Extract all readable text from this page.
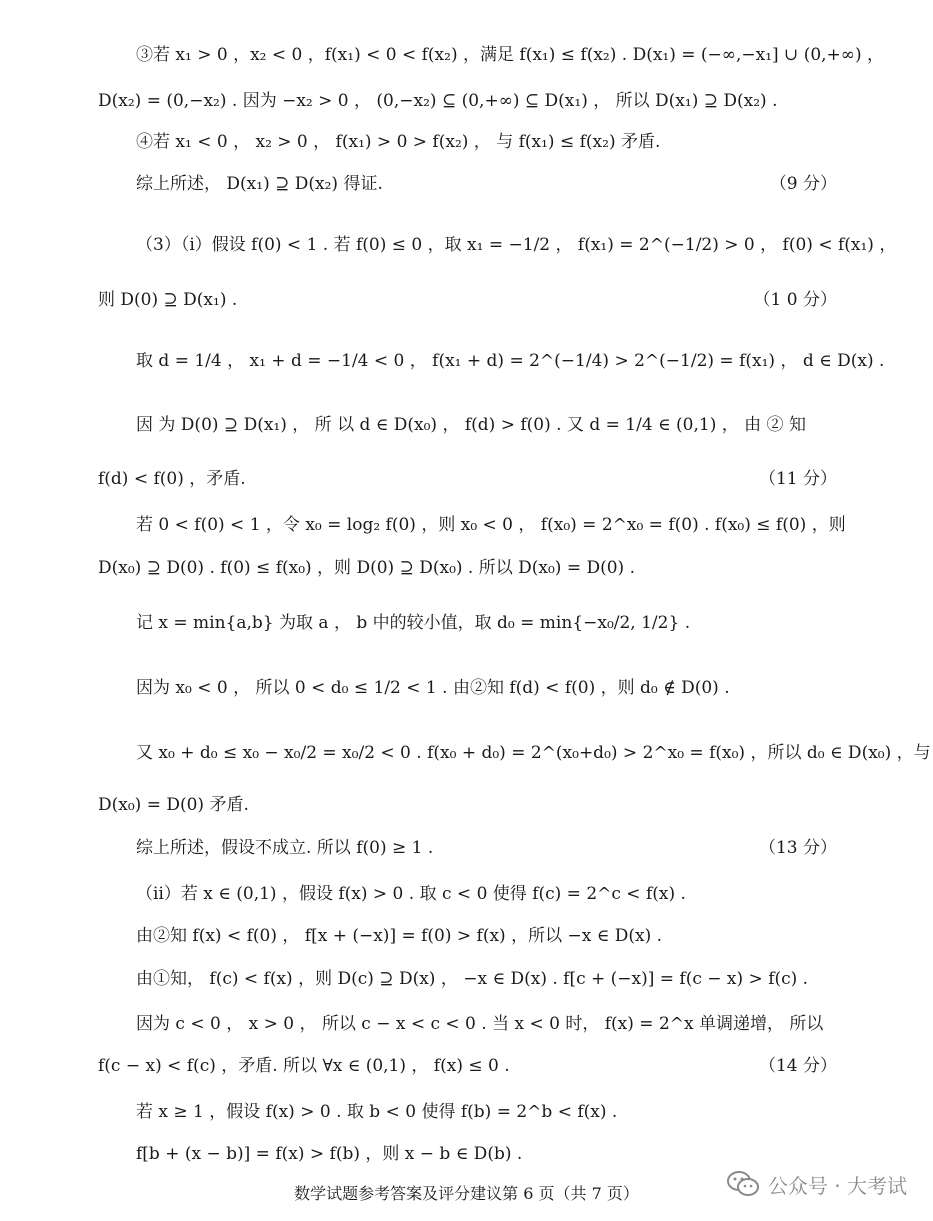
③若 x₁ > 0 ，x₂ < 0 ，f(x₁) < 0 < f(x₂) ，满足 f(x₁) ≤ f(x₂) . D(x₁) = (−∞,−x₁] ∪ (0,+∞) ，
D(x₂) = (0,−x₂) . 因为 −x₂ > 0 ， (0,−x₂) ⊆ (0,+∞) ⊆ D(x₁) ， 所以 D(x₁) ⊇ D(x₂) .
④若 x₁ < 0 ， x₂ > 0 ， f(x₁) > 0 > f(x₂) ， 与 f(x₁) ≤ f(x₂) 矛盾.
综上所述， D(x₁) ⊇ D(x₂) 得证.	（9 分）
（3）（ⅰ）假设 f(0) < 1 . 若 f(0) ≤ 0 ，取 x₁ = −1/2 ， f(x₁) = 2^(−1/2) > 0 ， f(0) < f(x₁) ，
则 D(0) ⊇ D(x₁) .	（1 0 分）
取 d = 1/4 ， x₁ + d = −1/4 < 0 ， f(x₁ + d) = 2^(−1/4) > 2^(−1/2) = f(x₁) ， d ∈ D(x) .
因 为 D(0) ⊇ D(x₁) ， 所 以 d ∈ D(x₀) ， f(d) > f(0) . 又 d = 1/4 ∈ (0,1) ， 由 ② 知
f(d) < f(0) ，矛盾.	（11 分）
若 0 < f(0) < 1 ，令 x₀ = log₂ f(0) ，则 x₀ < 0 ， f(x₀) = 2^x₀ = f(0) . f(x₀) ≤ f(0) ，则
D(x₀) ⊇ D(0) . f(0) ≤ f(x₀) ，则 D(0) ⊇ D(x₀) . 所以 D(x₀) = D(0) .
记 x = min{a,b} 为取 a ， b 中的较小值，取 d₀ = min{−x₀/2, 1/2} .
因为 x₀ < 0 ， 所以 0 < d₀ ≤ 1/2 < 1 . 由②知 f(d) < f(0) ，则 d₀ ∉ D(0) .
又 x₀ + d₀ ≤ x₀ − x₀/2 = x₀/2 < 0 . f(x₀ + d₀) = 2^(x₀+d₀) > 2^x₀ = f(x₀) ，所以 d₀ ∈ D(x₀) ，与
D(x₀) = D(0) 矛盾.
综上所述，假设不成立. 所以 f(0) ≥ 1 .	（13 分）
（ⅱ）若 x ∈ (0,1) ，假设 f(x) > 0 . 取 c < 0 使得 f(c) = 2^c < f(x) .
由②知 f(x) < f(0) ， f[x + (−x)] = f(0) > f(x) ，所以 −x ∈ D(x) .
由①知， f(c) < f(x) ，则 D(c) ⊇ D(x) ， −x ∈ D(x) . f[c + (−x)] = f(c − x) > f(c) .
因为 c < 0 ， x > 0 ， 所以 c − x < c < 0 . 当 x < 0 时， f(x) = 2^x 单调递增， 所以
f(c − x) < f(c) ，矛盾. 所以 ∀x ∈ (0,1) ， f(x) ≤ 0 .	（14 分）
若 x ≥ 1 ，假设 f(x) > 0 . 取 b < 0 使得 f(b) = 2^b < f(x) .
f[b + (x − b)] = f(x) > f(b) ，则 x − b ∈ D(b) .
数学试题参考答案及评分建议第 6 页（共 7 页）	公众号 · 大考试
